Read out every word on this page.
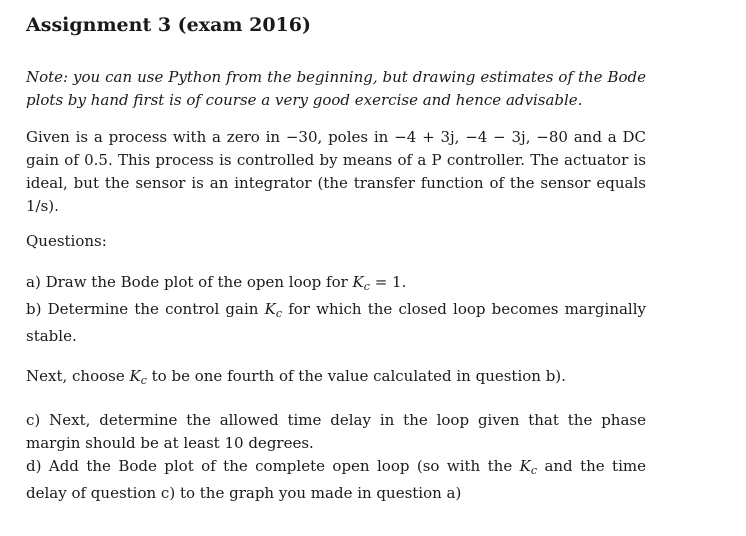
Assignment 3 (exam 2016)

Note: you can use Python from the beginning, but drawing estimates of the Bode plots by hand first is of course a very good exercise and hence advisable.

Given is a process with a zero in −30, poles in −4 + 3j, −4 − 3j, −80 and a DC gain of 0.5. This process is controlled by means of a P controller. The actuator is ideal, but the sensor is an integrator (the transfer function of the sensor equals 1/s).

Questions:

a) Draw the Bode plot of the open loop for $K_c = 1$.

b) Determine the control gain $K_c$ for which the closed loop becomes marginally stable.

Next, choose $K_c$ to be one fourth of the value calculated in question b).

c) Next, determine the allowed time delay in the loop given that the phase margin should be at least 10 degrees.

d) Add the Bode plot of the complete open loop (so with the $K_c$ and the time delay of question c) to the graph you made in question a)
